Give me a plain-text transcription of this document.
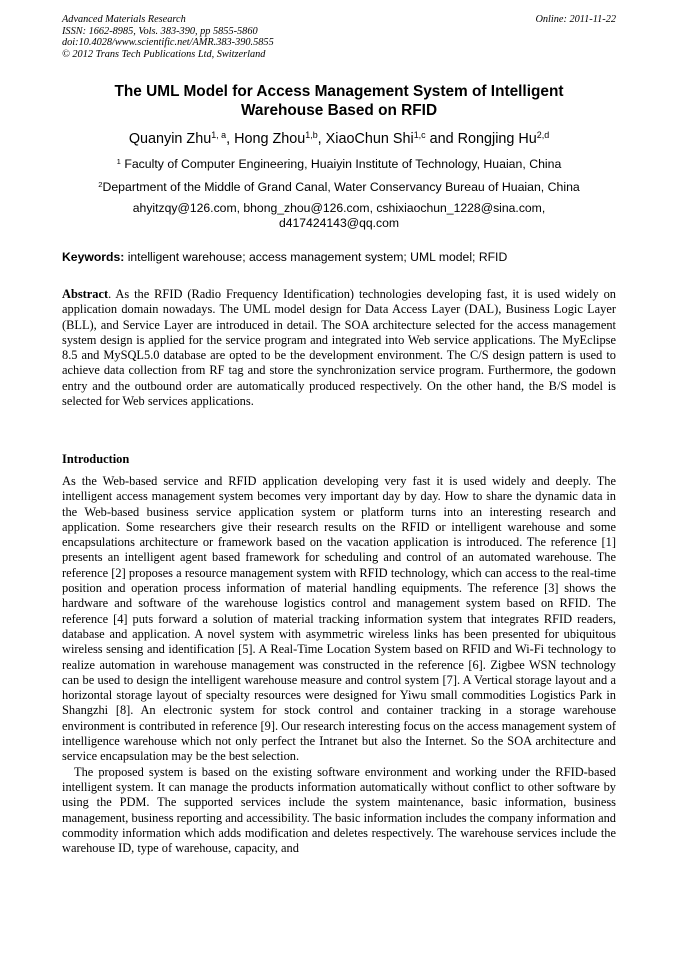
Advanced Materials Research
ISSN: 1662-8985, Vols. 383-390, pp 5855-5860
doi:10.4028/www.scientific.net/AMR.383-390.5855
© 2012 Trans Tech Publications Ltd, Switzerland
Online: 2011-11-22
The UML Model for Access Management System of Intelligent
Warehouse Based on RFID
Quanyin Zhu$^{1, a}$, Hong Zhou$^{1,b}$, XiaoChun Shi$^{1,c}$ and Rongjing Hu$^{2,d}$
$^1$ Faculty of Computer Engineering, Huaiyin Institute of Technology, Huaian, China
$^2$Department of the Middle of Grand Canal, Water Conservancy Bureau of Huaian, China
ahyitzqy@126.com, bhong_zhou@126.com, cshixiaochun_1228@sina.com,
d417424143@qq.com
Keywords: intelligent warehouse; access management system; UML model; RFID
Abstract. As the RFID (Radio Frequency Identification) technologies developing fast, it is used widely on application domain nowadays. The UML model design for Data Access Layer (DAL), Business Logic Layer (BLL), and Service Layer are introduced in detail. The SOA architecture selected for the access management system design is applied for the service program and integrated into Web service applications. The MyEclipse 8.5 and MySQL5.0 database are opted to be the development environment. The C/S design pattern is used to achieve data collection from RF tag and store the synchronization service program. Furthermore, the godown entry and the outbound order are automatically produced respectively. On the other hand, the B/S model is selected for Web services applications.
Introduction

As the Web-based service and RFID application developing very fast it is used widely and deeply. The intelligent access management system becomes very important day by day. How to share the dynamic data in the Web-based business service application system or platform turns into an interesting research and application. Some researchers give their research results on the RFID or intelligent warehouse and some encapsulations architecture or framework based on the vacation application is introduced. The reference [1] presents an intelligent agent based framework for scheduling and control of an automated warehouse. The reference [2] proposes a resource management system with RFID technology, which can access to the real-time position and operation process information of material handling equipments. The reference [3] shows the hardware and software of the warehouse logistics control and management system based on RFID. The reference [4] puts forward a solution of material tracking information system that integrates RFID readers, database and application. A novel system with asymmetric wireless links has been presented for ubiquitous wireless sensing and identification [5]. A Real-Time Location System based on RFID and Wi-Fi technology to realize automation in warehouse management was constructed in the reference [6]. Zigbee WSN technology can be used to design the intelligent warehouse measure and control system [7]. A Vertical storage layout and a horizontal storage layout of specialty resources were designed for Yiwu small commodities Logistics Park in Shangzhi [8]. An electronic system for stock control and container tracking in a storage warehouse environment is contributed in reference [9]. Our research interesting focus on the access management system of intelligence warehouse which not only perfect the Intranet but also the Internet. So the SOA architecture and service encapsulation may be the best selection.

The proposed system is based on the existing software environment and working under the RFID-based intelligent system. It can manage the products information automatically without conflict to other software by using the PDM. The supported services include the system maintenance, basic information, business management, business reporting and accessibility. The basic information includes the company information and commodity information which adds modification and deletes respectively. The warehouse services include the warehouse ID, type of warehouse, capacity, and
